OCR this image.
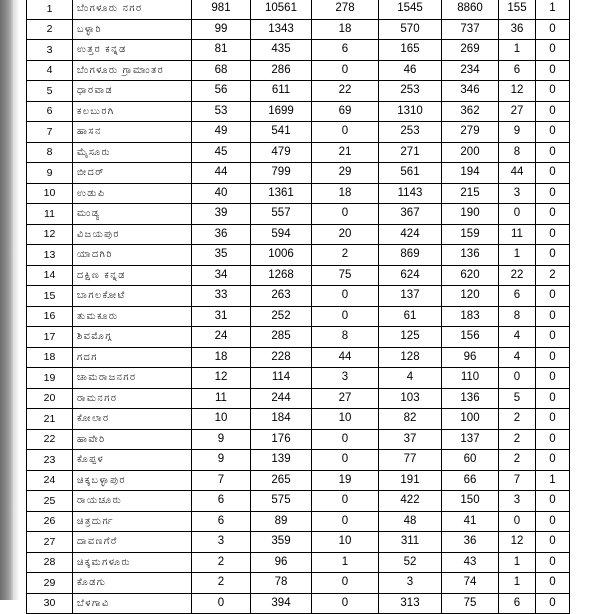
1	ಬೆಂಗಳೂರು ನಗರ	981	10561	278	1545	8860	155	1
2	ಬಳ್ಳಾರಿ	99	1343	18	570	737	36	0
3	ಉತ್ತರ ಕನ್ನಡ	81	435	6	165	269	1	0
4	ಬೆಂಗಳೂರು ಗ್ರಾಮಾಂತರ	68	286	0	46	234	6	0
5	ಧಾರವಾಡ	56	611	22	253	346	12	0
6	ಕಲಬುರಗಿ	53	1699	69	1310	362	27	0
7	ಹಾಸನ	49	541	0	253	279	9	0
8	ಮೈಸೂರು	45	479	21	271	200	8	0
9	ಬೀದರ್	44	799	29	561	194	44	0
10	ಉಡುಪಿ	40	1361	18	1143	215	3	0
11	ಮಂಡ್ಯ	39	557	0	367	190	0	0
12	ವಿಜಯಪುರ	36	594	20	424	159	11	0
13	ಯಾದಗಿರಿ	35	1006	2	869	136	1	0
14	ದಕ್ಷಿಣ ಕನ್ನಡ	34	1268	75	624	620	22	2
15	ಬಾಗಲಕೋಟೆ	33	263	0	137	120	6	0
16	ತುಮಕೂರು	31	252	0	61	183	8	0
17	ಶಿವಮೊಗ್ಗ	24	285	8	125	156	4	0
18	ಗದಗ	18	228	44	128	96	4	0
19	ಚಾಮರಾಜನಗರ	12	114	3	4	110	0	0
20	ರಾಮನಗರ	11	244	27	103	136	5	0
21	ಕೋಲಾರ	10	184	10	82	100	2	0
22	ಹಾವೇರಿ	9	176	0	37	137	2	0
23	ಕೊಪ್ಪಳ	9	139	0	77	60	2	0
24	ಚಿಕ್ಕಬಳ್ಳಾಪುರ	7	265	19	191	66	7	1
25	ರಾಯಚೂರು	6	575	0	422	150	3	0
26	ಚಿತ್ರದುರ್ಗ	6	89	0	48	41	0	0
27	ದಾವಣಗೆರೆ	3	359	10	311	36	12	0
28	ಚಿಕ್ಕಮಗಳೂರು	2	96	1	52	43	1	0
29	ಕೊಡಗು	2	78	0	3	74	1	0
30	ಬೆಳಗಾವಿ	0	394	0	313	75	6	0
